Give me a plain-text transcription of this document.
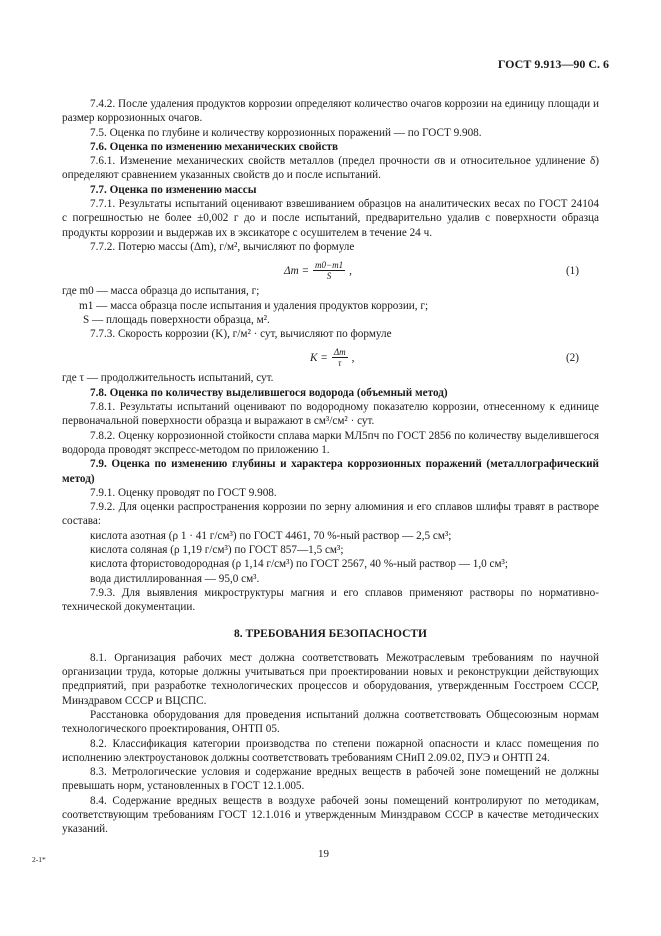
ГОСТ 9.913—90 С. 6

7.4.2. После удаления продуктов коррозии определяют количество очагов коррозии на единицу площади и размер коррозионных очагов.

7.5. Оценка по глубине и количеству коррозионных поражений — по ГОСТ 9.908.

7.6. Оценка по изменению механических свойств

7.6.1. Изменение механических свойств металлов (предел прочности σв и относительное удлинение δ) определяют сравнением указанных свойств до и после испытаний.

7.7. Оценка по изменению массы

7.7.1. Результаты испытаний оценивают взвешиванием образцов на аналитических весах по ГОСТ 24104 с погрешностью не более ±0,002 г до и после испытаний, предварительно удалив с поверхности образца продукты коррозии и выдержав их в эксикаторе с осушителем в течение 24 ч.

7.7.2. Потерю массы (Δm), г/м², вычисляют по формуле

$\Delta m = \frac{m0-m1}{S}$ ,	(1)
где m0 — масса образца до испытания, г;
m1 — масса образца после испытания и удаления продуктов коррозии, г;
S — площадь поверхности образца, м².

7.7.3. Скорость коррозии (K), г/м² · сут, вычисляют по формуле

$K = \frac{\Delta m}{\tau}$ ,	(2)

где τ — продолжительность испытаний, сут.

7.8. Оценка по количеству выделившегося водорода (объемный метод)

7.8.1. Результаты испытаний оценивают по водородному показателю коррозии, отнесенному к единице первоначальной поверхности образца и выражают в см³/см² · сут.

7.8.2. Оценку коррозионной стойкости сплава марки МЛ5пч по ГОСТ 2856 по количеству выделившегося водорода проводят экспресс-методом по приложению 1.

7.9. Оценка по изменению глубины и характера коррозионных поражений (металлографический метод)

7.9.1. Оценку проводят по ГОСТ 9.908.

7.9.2. Для оценки распространения коррозии по зерну алюминия и его сплавов шлифы травят в растворе состава:

кислота азотная (ρ 1 · 41 г/см³) по ГОСТ 4461, 70 %-ный раствор — 2,5 см³;
кислота соляная (ρ 1,19 г/см³) по ГОСТ 857—1,5 см³;
кислота фтористоводородная (ρ 1,14 г/см³) по ГОСТ 2567, 40 %-ный раствор — 1,0 см³;
вода дистиллированная — 95,0 см³.

7.9.3. Для выявления микроструктуры магния и его сплавов применяют растворы по нормативно-технической документации.

8. ТРЕБОВАНИЯ БЕЗОПАСНОСТИ

8.1. Организация рабочих мест должна соответствовать Межотраслевым требованиям по научной организации труда, которые должны учитываться при проектировании новых и реконструкции действующих предприятий, при разработке технологических процессов и оборудования, утвержденным Госстроем СССР, Минздравом СССР и ВЦСПС.

Расстановка оборудования для проведения испытаний должна соответствовать Общесоюзным нормам технологического проектирования, ОНТП 05.

8.2. Классификация категории производства по степени пожарной опасности и класс помещения по исполнению электроустановок должны соответствовать требованиям СНиП 2.09.02, ПУЭ и ОНТП 24.

8.3. Метрологические условия и содержание вредных веществ в рабочей зоне помещений не должны превышать норм, установленных в ГОСТ 12.1.005.

8.4. Содержание вредных веществ в воздухе рабочей зоны помещений контролируют по методикам, соответствующим требованиям ГОСТ 12.1.016 и утвержденным Минздравом СССР в качестве методических указаний.

2-1*	19
